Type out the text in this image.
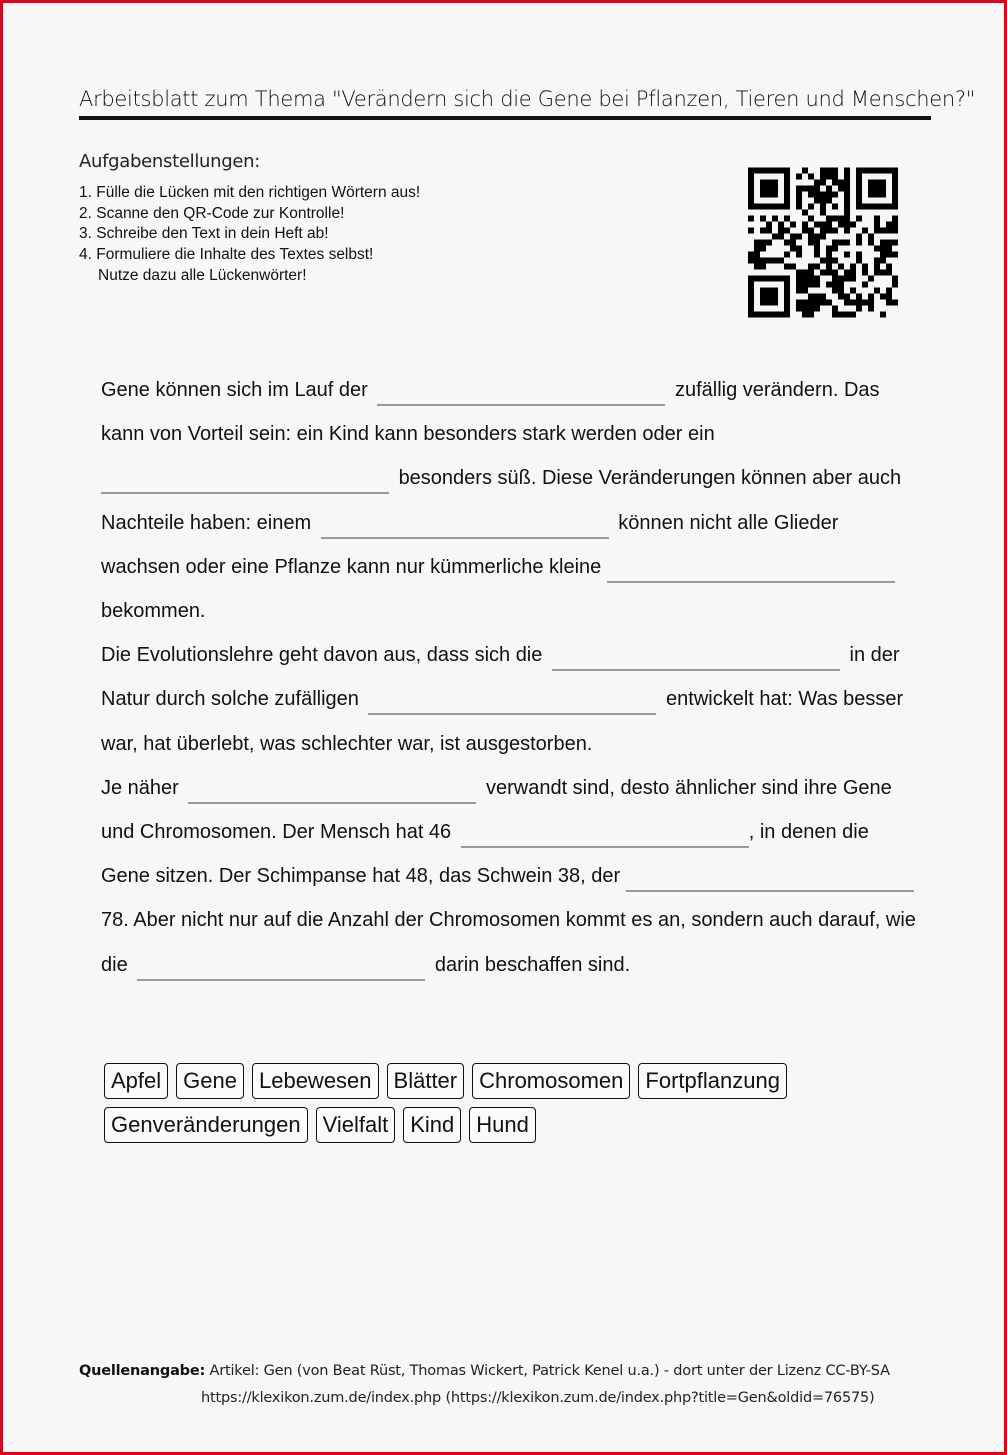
Arbeitsblatt zum Thema "Verändern sich die Gene bei Pflanzen, Tieren und Menschen?"
Aufgabenstellungen:
1. Fülle die Lücken mit den richtigen Wörtern aus!
2. Scanne den QR-Code zur Kontrolle!
3. Schreibe den Text in dein Heft ab!
4. Formuliere die Inhalte des Textes selbst!
Nutze dazu alle Lückenwörter!

Gene können sich im Lauf der	zufällig verändern. Das kann von Vorteil sein: ein Kind kann besonders stark werden oder ein  besonders süß. Diese Veränderungen können aber auch Nachteile haben: einem	können nicht alle Glieder wachsen oder eine Pflanze kann nur kümmerliche kleine  bekommen.
Die Evolutionslehre geht davon aus, dass sich die	in der Natur durch solche zufälligen	entwickelt hat: Was besser war, hat überlebt, was schlechter war, ist ausgestorben.
Je näher	verwandt sind, desto ähnlicher sind ihre Gene und Chromosomen. Der Mensch hat 46	, in denen die Gene sitzen. Der Schimpanse hat 48, das Schwein 38, der  78. Aber nicht nur auf die Anzahl der Chromosomen kommt es an, sondern auch darauf, wie die	darin beschaffen sind.

Apfel	Gene	Lebewesen	Blätter	Chromosomen	Fortpflanzung
Genveränderungen	Vielfalt	Kind	Hund
Quellenangabe: Artikel: Gen (von Beat Rüst, Thomas Wickert, Patrick Kenel u.a.) - dort unter der Lizenz CC-BY-SA
https://klexikon.zum.de/index.php (https://klexikon.zum.de/index.php?title=Gen&oldid=76575)
